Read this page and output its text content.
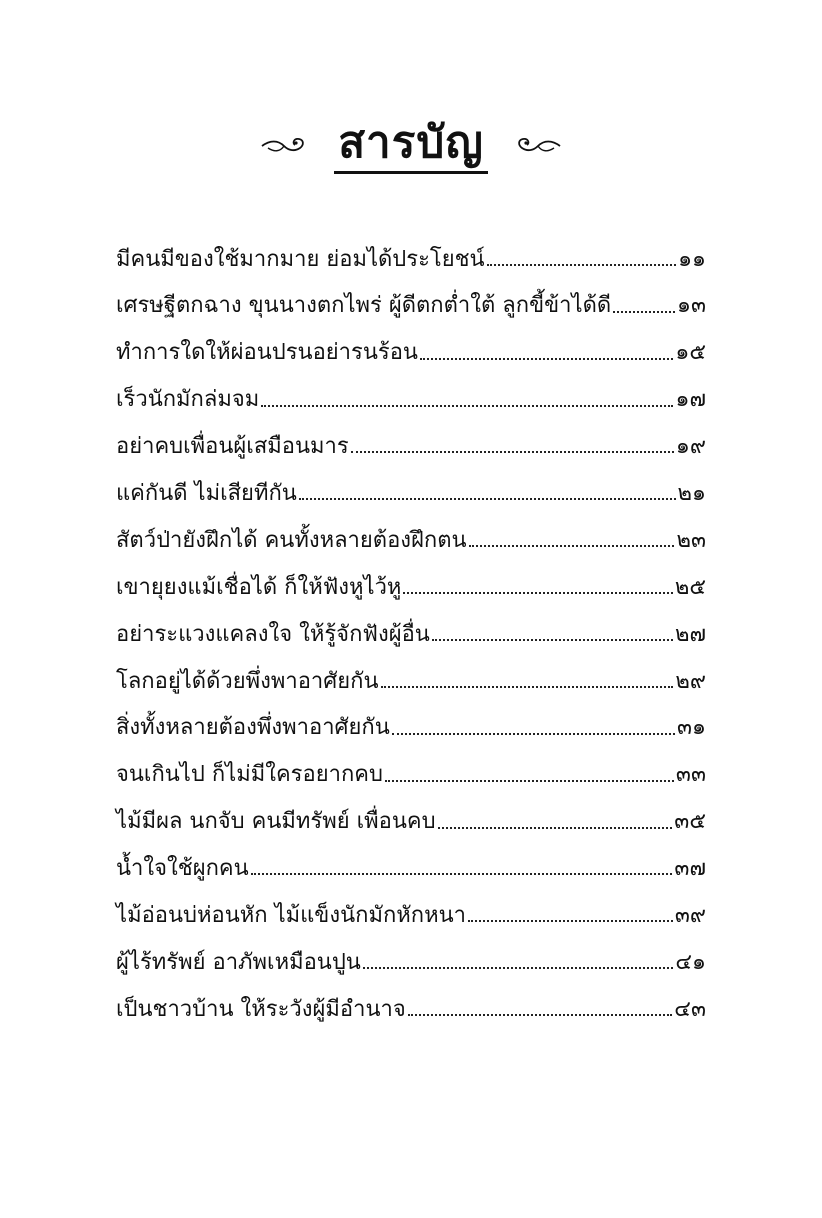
สารบัญ
มีคนมีของใช้มากมาย ย่อมได้ประโยชน์	๑๑
เศรษฐีตกฉาง ขุนนางตกไพร่ ผู้ดีตกต่ำใต้ ลูกขี้ข้าได้ดี	๑๓
ทำการใดให้ผ่อนปรนอย่ารนร้อน	๑๕
เร็วนักมักล่มจม	๑๗
อย่าคบเพื่อนผู้เสมือนมาร	๑๙
แค่กันดี ไม่เสียทีกัน	๒๑
สัตว์ป่ายังฝึกได้ คนทั้งหลายต้องฝึกตน	๒๓
เขายุยงแม้เชื่อได้ ก็ให้ฟังหูไว้หู	๒๕
อย่าระแวงแคลงใจ ให้รู้จักฟังผู้อื่น	๒๗
โลกอยู่ได้ด้วยพึ่งพาอาศัยกัน	๒๙
สิ่งทั้งหลายต้องพึ่งพาอาศัยกัน	๓๑
จนเกินไป ก็ไม่มีใครอยากคบ	๓๓
ไม้มีผล นกจับ คนมีทรัพย์ เพื่อนคบ	๓๕
น้ำใจใช้ผูกคน	๓๗
ไม้อ่อนบ่ห่อนหัก ไม้แข็งนักมักหักหนา	๓๙
ผู้ไร้ทรัพย์ อาภัพเหมือนปูน	๔๑
เป็นชาวบ้าน ให้ระวังผู้มีอำนาจ	๔๓
